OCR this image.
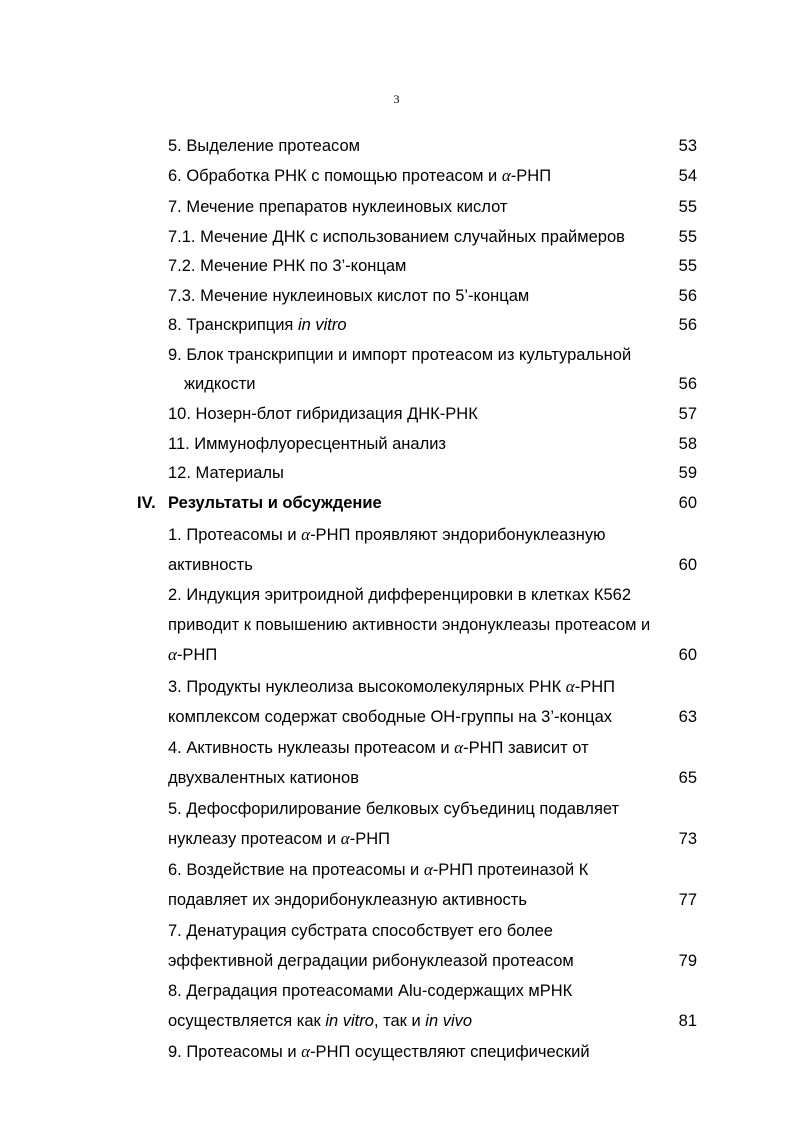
3
5. Выделение протеасом	53
6. Обработка РНК с помощью протеасом и α-РНП	54
7. Мечение препаратов нуклеиновых кислот	55
7.1. Мечение ДНК с использованием случайных праймеров	55
7.2. Мечение РНК по 3’-концам	55
7.3. Мечение нуклеиновых кислот по 5’-концам	56
8. Транскрипция in vitro	56
9. Блок транскрипции и импорт протеасом из культуральной
жидкости	56
10. Нозерн-блот гибридизация ДНК-РНК	57
11. Иммунофлуоресцентный анализ	58
12. Материалы	59
IV. Результаты и обсуждение	60
1. Протеасомы и α-РНП проявляют эндорибонуклеазную
активность	60
2. Индукция эритроидной дифференцировки в клетках К562
приводит к повышению активности эндонуклеазы протеасом и
α-РНП	60
3. Продукты нуклеолиза высокомолекулярных РНК α-РНП
комплексом содержат свободные ОН-группы на 3’-концах	63
4. Активность нуклеазы протеасом и α-РНП зависит от
двухвалентных катионов	65
5. Дефосфорилирование белковых субъединиц подавляет
нуклеазу протеасом и α-РНП	73
6. Воздействие на протеасомы и α-РНП протеиназой К
подавляет их эндорибонуклеазную активность	77
7. Денатурация субстрата способствует его более
эффективной деградации рибонуклеазой протеасом	79
8. Деградация протеасомами Alu-содержащих мРНК
осуществляется как in vitro, так и in vivo	81
9. Протеасомы и α-РНП осуществляют специфический
